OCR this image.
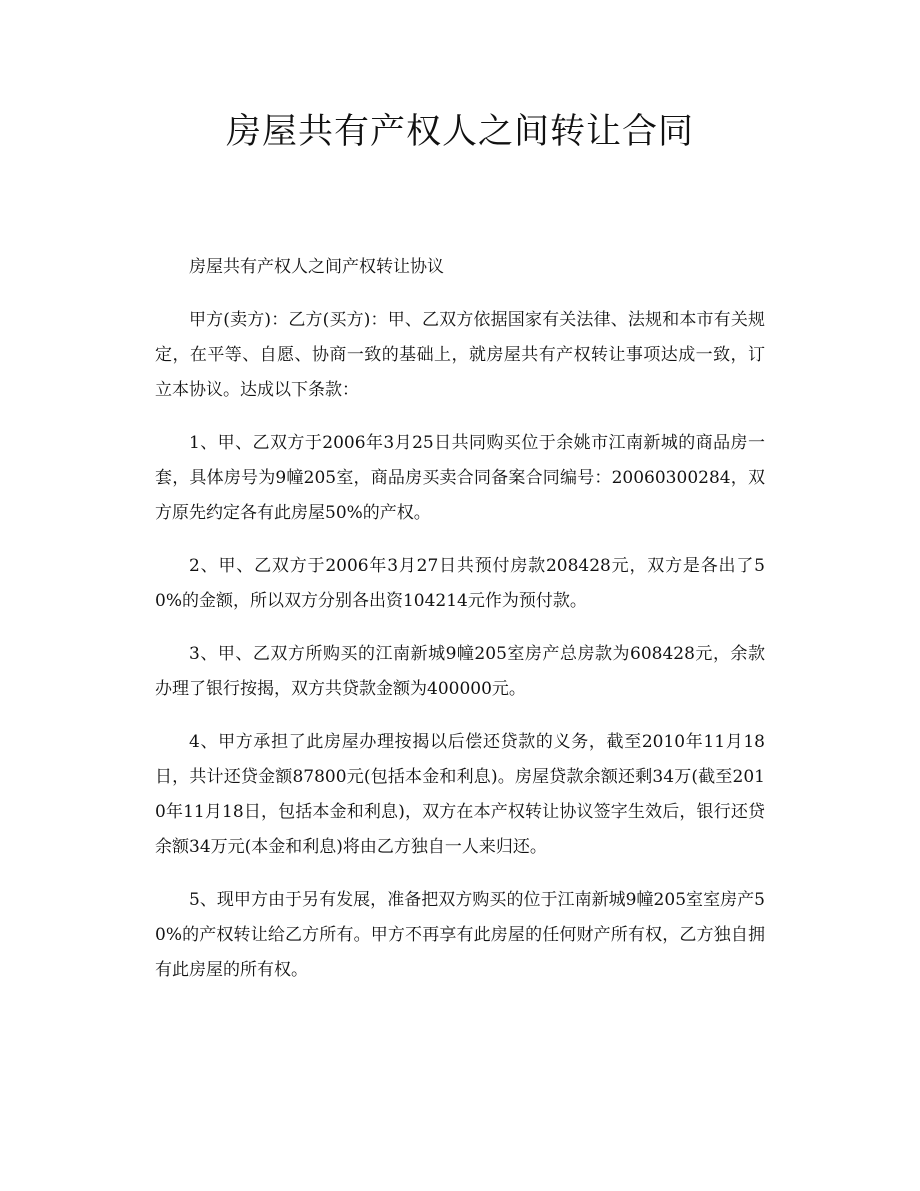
房屋共有产权人之间转让合同

房屋共有产权人之间产权转让协议

甲方(卖方)：乙方(买方)：甲、乙双方依据国家有关法律、法规和本市有关规定，在平等、自愿、协商一致的基础上，就房屋共有产权转让事项达成一致，订立本协议。达成以下条款：

1、甲、乙双方于2006年3月25日共同购买位于余姚市江南新城的商品房一套，具体房号为9幢205室，商品房买卖合同备案合同编号：20060300284，双方原先约定各有此房屋50%的产权。

2、甲、乙双方于2006年3月27日共预付房款208428元，双方是各出了50%的金额，所以双方分别各出资104214元作为预付款。

3、甲、乙双方所购买的江南新城9幢205室房产总房款为608428元，余款办理了银行按揭，双方共贷款金额为400000元。

4、甲方承担了此房屋办理按揭以后偿还贷款的义务，截至2010年11月18日，共计还贷金额87800元(包括本金和利息)。房屋贷款余额还剩34万(截至2010年11月18日，包括本金和利息)，双方在本产权转让协议签字生效后，银行还贷余额34万元(本金和利息)将由乙方独自一人来归还。

5、现甲方由于另有发展，准备把双方购买的位于江南新城9幢205室室房产50%的产权转让给乙方所有。甲方不再享有此房屋的任何财产所有权，乙方独自拥有此房屋的所有权。
